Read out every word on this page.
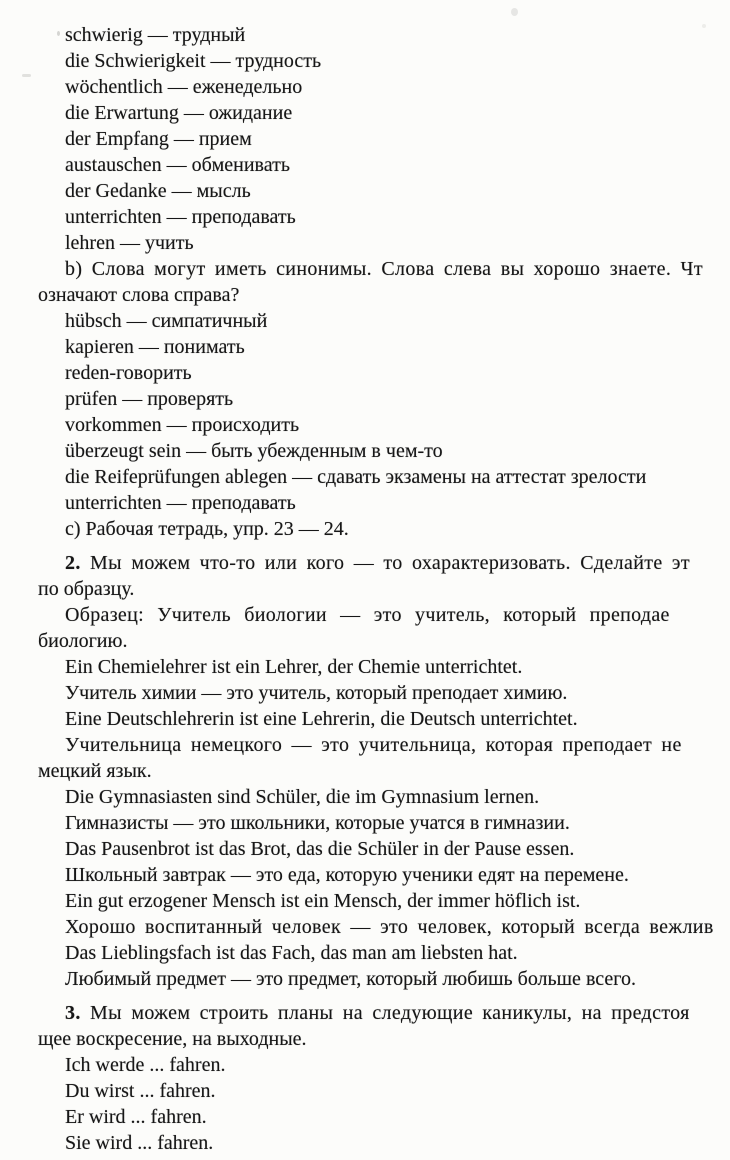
schwierig — трудный
die Schwierigkeit — трудность
wöchentlich — еженедельно
die Erwartung — ожидание
der Empfang — прием
austauschen — обменивать
der Gedanke — мысль
unterrichten — преподавать
lehren — учить
b) Слова могут иметь синонимы. Слова слева вы хорошо знаете. Чт
означают слова справа?
hübsch — симпатичный
kapieren — понимать
reden-говорить
prüfen — проверять
vorkommen — происходить
überzeugt sein — быть убежденным в чем-то
die Reifeprüfungen ablegen — сдавать экзамены на аттестат зрелости
unterrichten — преподавать
c) Рабочая тетрадь, упр. 23 — 24.
2. Мы можем что-то или кого — то охарактеризовать. Сделайте эт
по образцу.
Образец: Учитель биологии — это учитель, который преподае
биологию.
Ein Chemielehrer ist ein Lehrer, der Chemie unterrichtet.
Учитель химии — это учитель, который преподает химию.
Eine Deutschlehrerin ist eine Lehrerin, die Deutsch unterrichtet.
Учительница немецкого — это учительница, которая преподает не
мецкий язык.
Die Gymnasiasten sind Schüler, die im Gymnasium lernen.
Гимназисты — это школьники, которые учатся в гимназии.
Das Pausenbrot ist das Brot, das die Schüler in der Pause essen.
Школьный завтрак — это еда, которую ученики едят на перемене.
Ein gut erzogener Mensch ist ein Mensch, der immer höflich ist.
Хорошо воспитанный человек — это человек, который всегда вежлив
Das Lieblingsfach ist das Fach, das man am liebsten hat.
Любимый предмет — это предмет, который любишь больше всего.
3. Мы можем строить планы на следующие каникулы, на предстоя
щее воскресение, на выходные.
Ich werde ... fahren.
Du wirst ... fahren.
Er wird ... fahren.
Sie wird ... fahren.
